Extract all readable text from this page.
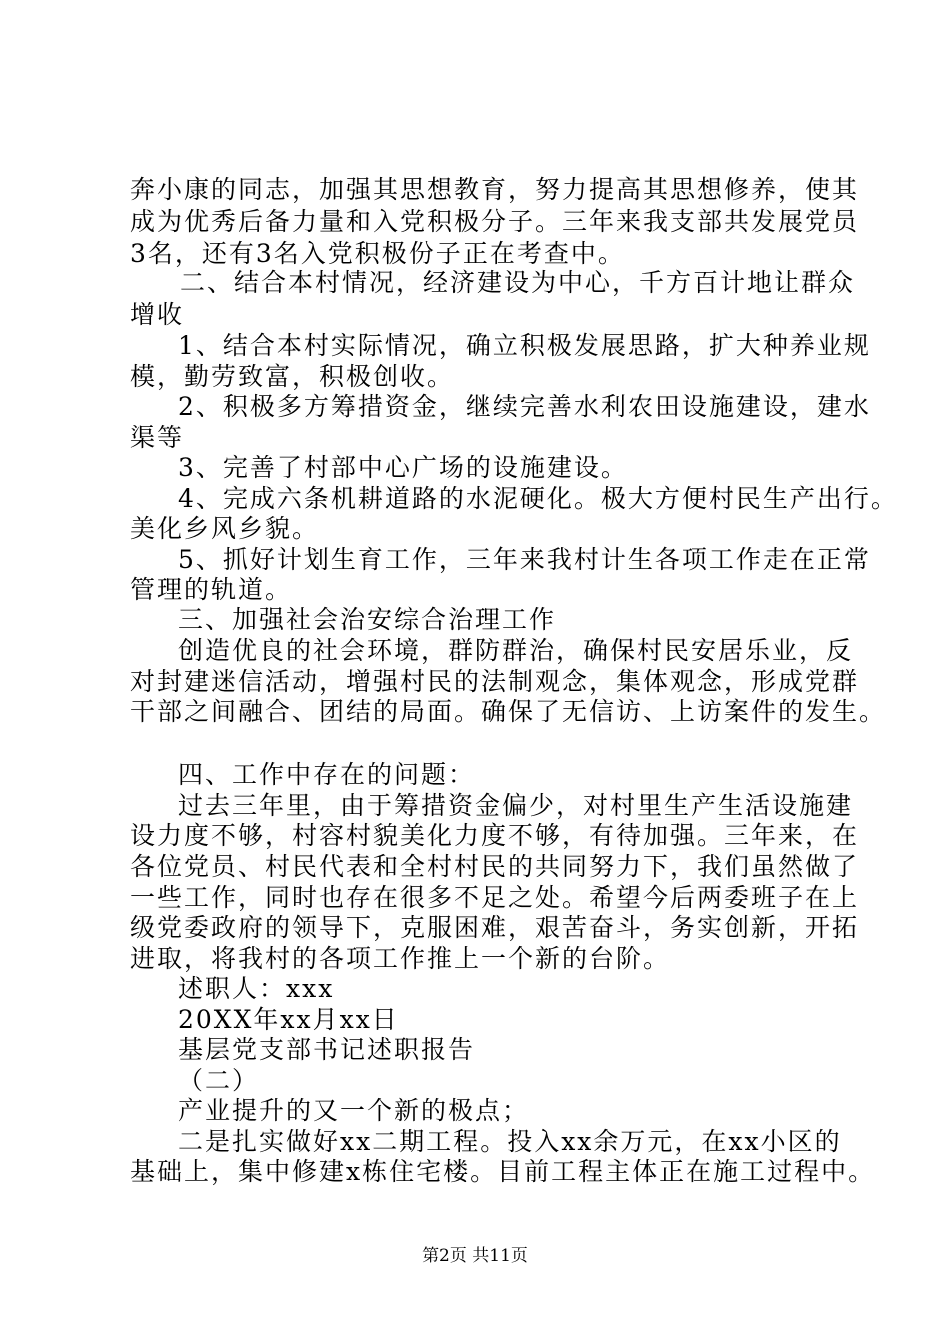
奔小康的同志，加强其思想教育，努力提高其思想修养，使其
成为优秀后备力量和入党积极分子。三年来我支部共发展党员
3名，还有3名入党积极份子正在考查中。
二、结合本村情况，经济建设为中心，千方百计地让群众
增收
1、结合本村实际情况，确立积极发展思路，扩大种养业规
模，勤劳致富，积极创收。
2、积极多方筹措资金，继续完善水利农田设施建设，建水
渠等
3、完善了村部中心广场的设施建设。
4、完成六条机耕道路的水泥硬化。极大方便村民生产出行。
美化乡风乡貌。
5、抓好计划生育工作，三年来我村计生各项工作走在正常
管理的轨道。
三、加强社会治安综合治理工作
创造优良的社会环境，群防群治，确保村民安居乐业，反
对封建迷信活动，增强村民的法制观念，集体观念，形成党群
干部之间融合、团结的局面。确保了无信访、上访案件的发生。
四、工作中存在的问题：
过去三年里，由于筹措资金偏少，对村里生产生活设施建
设力度不够，村容村貌美化力度不够，有待加强。三年来，在
各位党员、村民代表和全村村民的共同努力下，我们虽然做了
一些工作，同时也存在很多不足之处。希望今后两委班子在上
级党委政府的领导下，克服困难，艰苦奋斗，务实创新，开拓
进取，将我村的各项工作推上一个新的台阶。
述职人：xxx
20XX年xx月xx日
基层党支部书记述职报告
（二）
产业提升的又一个新的极点；
二是扎实做好xx二期工程。投入xx余万元，在xx小区的
基础上，集中修建x栋住宅楼。目前工程主体正在施工过程中。
第2页 共11页
